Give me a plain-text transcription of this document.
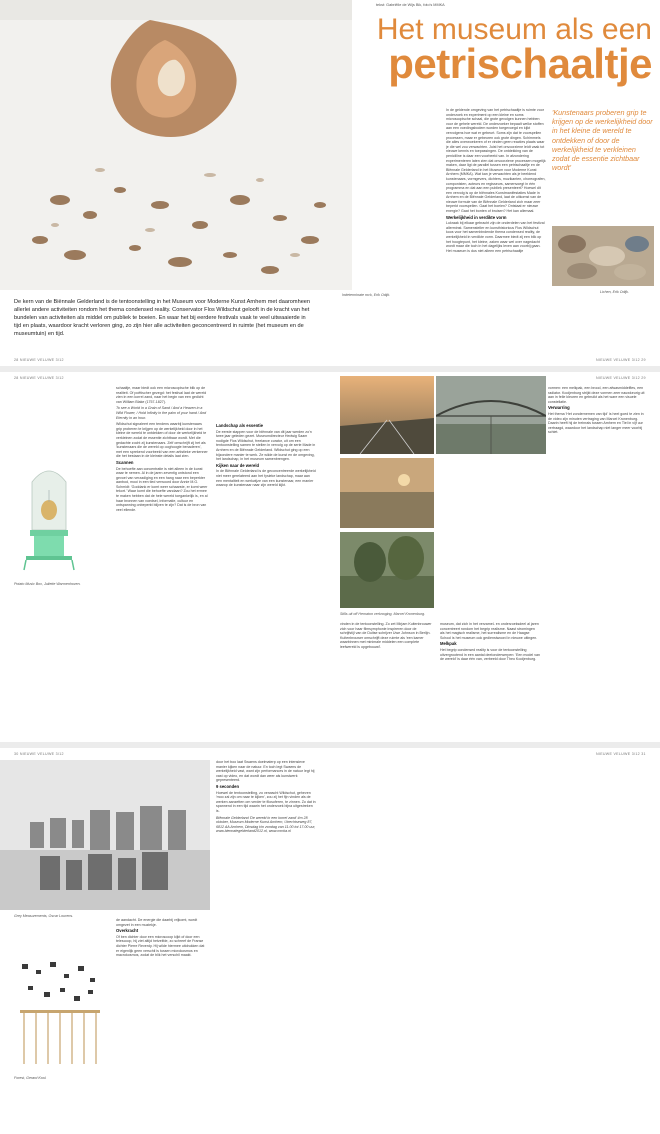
Indeterminate rock, Erik Odijk.
tekst: Gabriëlle de Wijs Bik, foto's MMKA
Het museum als een
petrischaaltje
De kern van de Biënnale Gelderland is de tentoonstelling in het Museum voor Moderne Kunst Arnhem met daaromheen allerlei andere activiteiten rondom het thema condensed reality. Conservator Flos Wildschut gelooft in de kracht van het bundelen van activiteiten als middel om publiek te boeien. En waar het bij eerdere festivals vaak te veel uitwaaierde in tijd en plaats, waardoor kracht verloren ging, zo zijn hier alle activiteiten geconcentreerd in ruimte (het museum en de museumtuin) en tijd.

In de geldende omgeving van het petrischaaltje is ruimte voor onderzoek en experiment op een kleine en soms microscopische schaal, die grote gevolgen kunnen hebben voor de gehele wereld. De onderzoeker bepaalt welke stoffen aan een voedingsbodem worden toegevoegd en kijkt vervolgens hoe wat er gebeurt. Soms zijn dat te voorspellen processen, maar er gebeuren ook grote dingen. Schimmels die alles overwoekeren of er vinden geen reacties plaats waar je die wel zou verwachten. Juist het onvoorziene leidt vaak tot nieuwe kennis en toepassingen. De ontdekking van de penicilline is daar een voorbeeld van. In afzondering experimenteren laten zien dat onvoorziene processen mogelijk maken, daar ligt de parallel tussen een petrischaaltje en de Biënnale Gelderland in het Museum voor Moderne Kunst Arnhem (MMKA). Wat kan je verwachten als je beeldend kunstenaars, vormgevers, dichters, muzikanten, choreografen, componisten, acteurs en regisseurs, samenvoegt in één programma en dat aan een publiek presenteert? Hoewel dit een vervolg is op de biënnales Kunstmanifestaties Made in Arnhem en de Biënnale Gelderland, laat de uitkomst van de nieuwe formule van de Biënnale Gelderland zich maar zeer beperkt voorspellen. Gaat het boeien? Ontstaat er nieuwe energie? Gaat het bonten of bruisen? Het kan allemaal.

Werkelijkheid in verdikte vorm

Lukraak bij elkaar gebracht zijn de onderdelen van het festival allerminst. Samensteller en kunsthistoricus Flos Wildschut koos voor het samenbindende thema condensed reality, de werkelijkheid in verdikte vorm. Daarmee biedt zij een blik op het hoogtepunt, het kleine, zaken waar wel over nagedacht wordt maar die toch in het dagelijks leven aan voorbij gaan. Het museum is dus niet alleen een petrischaaltje

'Kunstenaars proberen grip te krijgen op de werkelijkheid door in het kleine de wereld te ontdekken of door de werkelijkheid te verkleinen zodat de essentie zichtbaar wordt'
Lichen, Erik Odijk.
28 NIEUWE VELUWE 3/12	NIEUWE VELUWE 3/12 29
28 NIEUWE VELUWE 3/12	NIEUWE VELUWE 3/12 29
Potato Music Box, Juliette Warmenhoven.

schaaltje, maar biedt ook een microscopische blik op de realiteit. Of poëtischer gezegd: het festival laat de wereld zien in een korrel zand, naar het begin van een gedicht van William Blake (1757-1827).

To see a World in a Grain of Sand / And a Heaven in a Wild Flower, / Hold Infinity in the palm of your hand / And Eternity in an hour.

Wildschut signaleert een tendens waarbij kunstenaars grip proberen te krijgen op de werkelijkheid door in het kleine de wereld te ontdekken of door de werkelijkheid te verkleinen zodat de essentie zichtbaar wordt. Met die gedachte zocht zij kunstenaars. Zelf omschrijft zij het als 'kunstenaars die de wereld op ooghoogte benaderen', met een sprekend voorbeeld van een artistieke verkenner die het bestaan in de kleinste details laat zien.

Scannen

De behoefte aan concentratie is niet alleen in de kunst waar te nemen. Al in de jaren zeventig ontstond een gevoel van verzadiging en een hang naar een beperkter aanbod, mooi in een tied verwoord door Annie M.G. Schmidt: 'Goddank er komt weer schaarste, er komt weer tekort.' Waar komt die behoefte vandaan? Zou het ermee te maken hebben dat de hele wereld toegankelijk is, en al haar bronnen van voedsel, informatie, cultuur en ontspanning onbeperkt blijven te zijn? Dat is de bron van veel ellende.

Landschap als essentie

De eerste stappen voor de biënnale van dit jaar werden zo'n twee jaar geleden gezet. Museumdirecteur Hedwig Saam nodigde Flos Wildschut, freelance curator, uit om een tentoonstelling samen te stellen in vervolg op de serie Made in Arnhem en de Biënnale Gelderland. Wildschut ging op een bijzondere manier te werk. Ze wilde de kunst en de omgeving, het landschap, in het museum samenbrengen.

Kijken naar de wereld

In de Biënnale Gelderland is de geconcentreerde werkelijkheid niet meer gerelateerd aan het fysieke landschap, maar aan een mentaliteit en werkwijze van een kunstenaar, een manier waarop de kunstenaar naar zijn wereld kijkt.

Stills uit off Hematon verknoging, Marcel Kronenburg.

vinden in de tentoonstelling. Zo zet Mirjam Kuitenbrouwer zich voor haar filmsymphonie inspireren door de schrijfstijl van de Duitse schrijver Uwe Johnson in Berlijn. Kuitenbrouwer omschrijft deze ruimte als 'een kamer waarbinnen met minimale middelen een complete leefwereld is opgebouwd'.

museum, dat zich in het verzamel- en onderzoeksdeel al jaren concentreert rondom het begrip realisme. Naast stromingen als het magisch realisme, het surrealisme en de Haagse School is het museum ook gedienstwoord in nieuwe uitingen.

Melkpak

Het begrip condensed reality is voor de tentoonstelling uitvergrootend in een aantal deelonderwerpen: 'Een model van de wereld' is daar één van, verbeeld door Theo Kooijenburg.

vormen: een melkpak, een brood, een afwasmiddelfles, een radiator. Kooijenburg strijkt deze vormen zeer nauwkeurig uit aan in felle kleuren en gebruikt als het ware een visuele constellatie.

Verwarring

Het thema 'Het zondernemen van tijd' is heel goed te zien in de video zijn minuten vertraging van Marcel Kronenburg. Daarin heeft hij de treinrais tussen Arnhem en Tiel in vijf uur vertraagd, waardoor het landschap niet langer meer voorbij schiet.

30 NIEUWE VELUWE 3/12	NIEUWE VELUWE 3/12 31
Grey Measurements, Oscar Lourens.
Forest, Gerard Kool.

de aandacht. De energie die daarbij vrijkomt, wordt omgezet in een muziekje.

Overkracht

Of ben dichter door een microscoop kijkt of door een telescoop, hij ziet altijd hetzelfde, zo schreef de Franse dichter Pierre Reverdy. Hij wilde hiermee uitdrukken dat er eigenlijk geen verschil is tussen microkosmos en macrokosmos, zodat de blik het verschil maakt.

door het boo laat Swaens doelmaterp op een intensieve manier kijken naar de natuur. En toch legt Swaens de werkelijkheid vast, want zijn performances in de natuur legt hij vast op video, en dat wordt dan weer als kunstwerk gepresenteerd.

9 seconden

Hoewel de tentoonstelling, zo verwacht Wildschut, geheven 'moo zal zijn om naar te kijken', zou zij het fijn vinden als de werken aanzetten om verder te filosoferen, te zinnen. Zo dat in spannend in een tijd waarin het onderzoek bijna uitgestreken is.

Biënnale Gelderland 'De wereld in een korrel zand' t/m 28 oktober, Museum Moderne Kunst Arnhem, Utrechtseweg 87, 6812 AA Arnhem, Dinsdag t/m zondag van 11.00 tot 17.00 uur, www.biennalegelderland2012.nl, www.mmka.nl
